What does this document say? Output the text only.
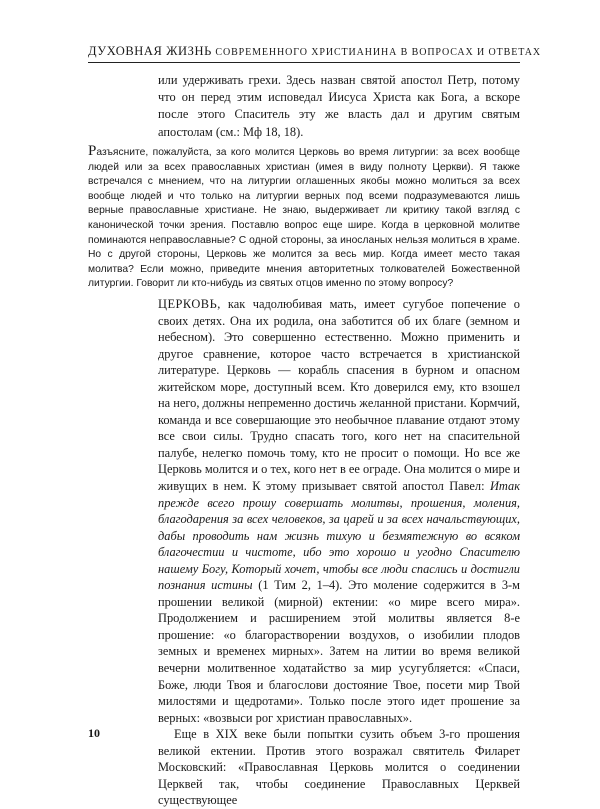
ДУХОВНАЯ ЖИЗНЬ СОВРЕМЕННОГО ХРИСТИАНИНА В ВОПРОСАХ И ОТВЕТАХ
или удерживать грехи. Здесь назван святой апостол Петр, потому что он перед этим исповедал Иисуса Христа как Бога, а вскоре после этого Спаситель эту же власть дал и другим святым апостолам (см.: Мф 18, 18).
Разъясните, пожалуйста, за кого молится Церковь во время литургии: за всех вообще людей или за всех православных христиан (имея в виду полноту Церкви). Я также встречался с мнением, что на литургии оглашенных якобы можно молиться за всех вообще людей и что только на литургии верных под всеми подразумеваются лишь верные православные христиане. Не знаю, выдерживает ли критику такой взгляд с канонической точки зрения. Поставлю вопрос еще шире. Когда в церковной молитве поминаются неправославные? С одной стороны, за иносланых нельзя молиться в храме. Но с другой стороны, Церковь же молится за весь мир. Когда имеет место такая молитва? Если можно, приведите мнения авторитетных толкователей Божественной литургии. Говорит ли кто-нибудь из святых отцов именно по этому вопросу?

ЦЕРКОВЬ, как чадолюбивая мать, имеет сугубое попечение о своих детях. Она их родила, она заботится об их благе (земном и небесном). Это совершенно естественно. Можно применить и другое сравнение, которое часто встречается в христианской литературе. Церковь — корабль спасения в бурном и опасном житейском море, доступный всем. Кто доверился ему, кто взошел на него, должны непременно достичь желанной пристани. Кормчий, команда и все совершающие это необычное плавание отдают этому все свои силы. Трудно спасать того, кого нет на спасительной палубе, нелегко помочь тому, кто не просит о помощи. Но все же Церковь молится и о тех, кого нет в ее ограде. Она молится о мире и живущих в нем. К этому призывает святой апостол Павел: Итак прежде всего прошу совершать молитвы, прошения, моления, благодарения за всех человеков, за царей и за всех начальствующих, дабы проводить нам жизнь тихую и безмятежную во всяком благочестии и чистоте, ибо это хорошо и угодно Спасителю нашему Богу, Который хочет, чтобы все люди спаслись и достигли познания истины (1 Тим 2, 1–4). Это моление содержится в 3-м прошении великой (мирной) ектении: «о мире всего мира». Продолжением и расширением этой молитвы является 8-е прошение: «о благорастворении воздухов, о изобилии плодов земных и временех мирных». Затем на литии во время великой вечерни молитвенное ходатайство за мир усугубляется: «Спаси, Боже, люди Твоя и благослови достояние Твое, посети мир Твой милостями и щедротами». Только после этого идет прошение за верных: «возвыси рог христиан православных».

Еще в XIX веке были попытки сузить объем 3-го прошения великой ектении. Против этого возражал святитель Филарет Московский: «Православная Церковь молится о соединении Церквей так, чтобы соединение Православных Церквей существующее

10
